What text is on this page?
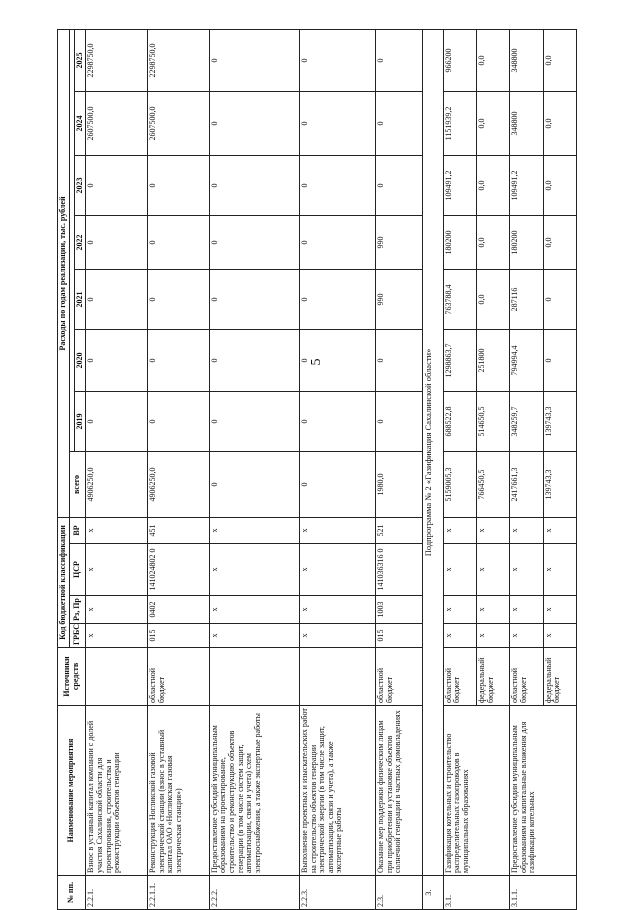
5
№ пп.	Наименование мероприятия	Источники средств	Код бюджетной классификации				Расходы по годам реализации, тыс. рублей							
			ГРБС	Рз, Пр	ЦСР	ВР	всего							
								2019	2020	2021	2022	2023	2024	2025
2.2.1.	Взнос в уставный капитал компании с долей участия Сахалинской области для проектирования, строительства и реконструкции объектов генерации		x	x	x	x	4906250,0	0	0	0	0	0	2607500,0	2298750,0
2.2.1.1.	Реконструкция Ногликской газовой электрической станции (взнос в уставный капитал ОАО «Ногликская газовая электрическая станция»)	областной бюджет	015	0402	141024802 0	451	4906250,0	0	0	0	0	0	2607500,0	2298750,0
2.2.2.	Предоставление субсидий муниципальным образованиям на проектирование, строительство и реконструкцию объектов генерации (в том числе систем защит, автоматизации, связи и учета) схем электроснабжения, а также экспертные работы		x	x	x	x	0	0	0	0	0	0	0	0
2.2.3.	Выполнение проектных и изыскательских работ на строительство объектов генерации электрической энергии (в том числе защит, автоматизации, связи и учета), а также экспертные работы		x	x	x	x	0	0	0	0	0	0	0	0
2.3.	Оказание мер поддержки физическим лицам при приобретении и установке объектов солнечной генерации в частных домовладениях	областной бюджет	015	1003	141036316 0	521	1980,0	0	0	990	990	0	0	0
3.	Подпрограмма № 2 «Газификация Сахалинской области»													
3.1.	Газификация котельных и строительство распределительных газопроводов в муниципальных образованиях	областной бюджет	x	x	x	x	5159005,3	688522,8	1298863,7	763788,4	180200	109491,2	1151939,2	966200
		федеральный бюджет	x	x	x	x	766450,5	514650,5	251800	0,0	0,0	0,0	0,0	0,0
3.1.1.	Предоставление субсидии муниципальным образованиям на капитальные вложения для газификации котельных	областной бюджет	x	x	x	x	2417661,3	348259,7	794994,4	287116	180200	109491,2	348800	348800
		федеральный бюджет	x	x	x	x	139743,3	139743,3	0	0	0,0	0,0	0,0	0,0
